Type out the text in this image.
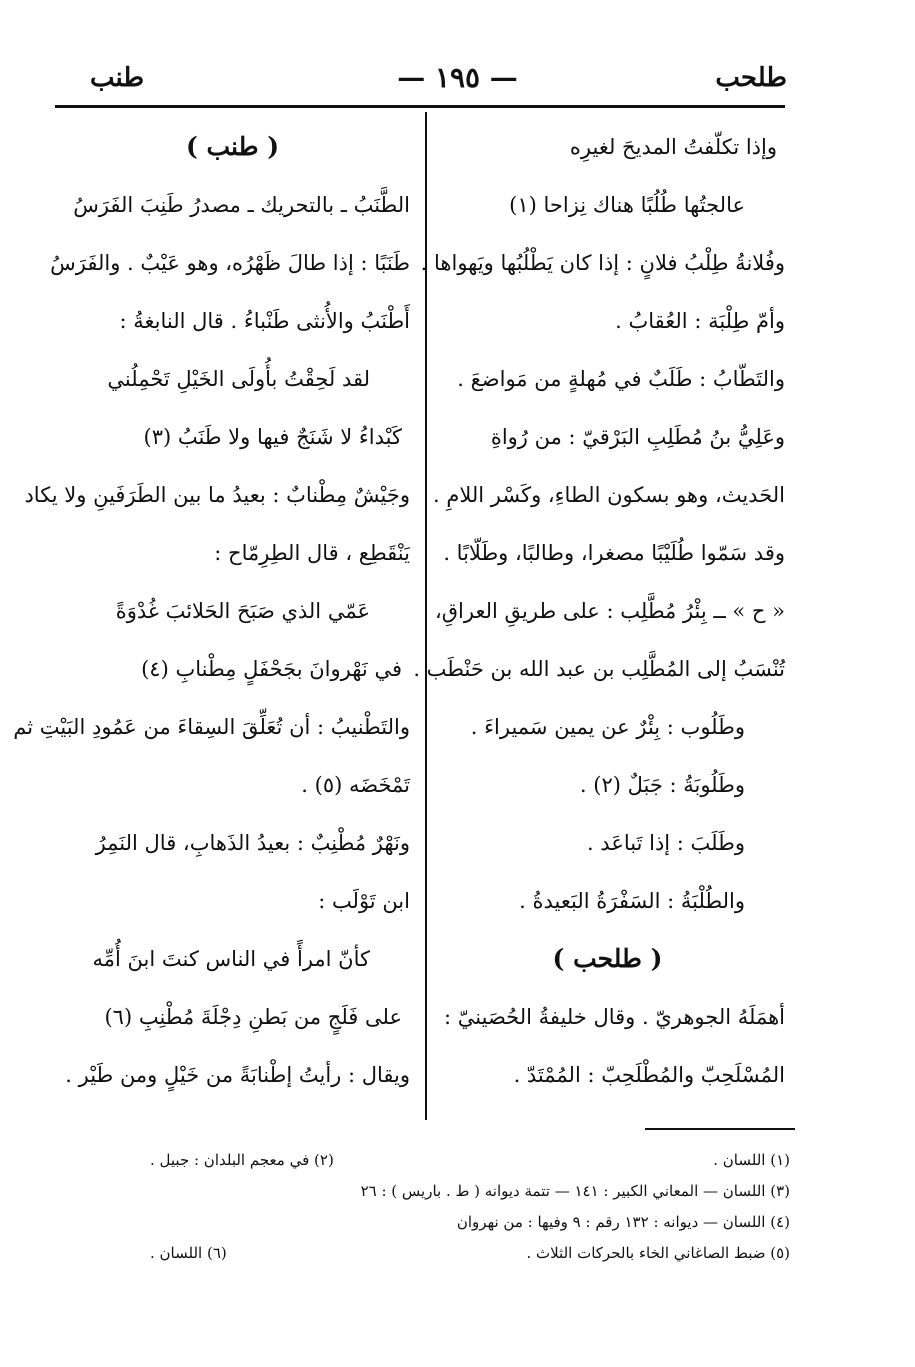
طلحب
— ١٩٥ —
طنب
وإذا تكلّفتُ المديحَ لغيرِه
عالجتُها طُلُبًا هناك نِزاحا (١)
وفُلانةُ طِلْبُ فلانٍ : إذا كان يَطْلُبُها ويَهواها .
وأمّ طِلْبَة : العُقابُ .
والتَطّابُ : طَلَبٌ في مُهلةٍ من مَواضعَ .
وعَلِيُّ بنُ مُطَلِبِ البَرْقيّ : من رُواةِ
الحَديث، وهو بسكون الطاءِ، وكَسْر اللامِ .
وقد سَمّوا طُلَيْبًا مصغرا، وطالبًا، وطَلّابًا .
« ح » ــ بِئْرُ مُطَّلِب : على طريقِ العراقِ،
تُنْسَبُ إلى المُطَّلِب بن عبد الله بن حَنْطَب .
وطَلُوب : بِئْرٌ عن يمين سَميراءَ .
وطَلُوبَةُ : جَبَلٌ (٢) .
وطَلَبَ : إذا تَباعَد .
والطُلْبَةُ : السَفْرَةُ البَعيدةُ .
( طلحب )
أهمَلَهُ الجوهريّ . وقال خليفةُ الحُصَينيّ :
المُسْلَحِبّ والمُطْلَحِبّ : المُمْتَدّ .
( طنب )
الطَّنَبُ ـ بالتحريك ـ مصدرُ طَنِبَ الفَرَسُ
طَنَبًا : إذا طالَ ظَهْرُه، وهو عَيْبٌ . والفَرَسُ
أَطْنَبُ والأُنثى طَنْباءُ . قال النابغةُ :
لقد لَحِقْتُ بأُولَى الخَيْلِ تَحْمِلُني
كَبْداءُ لا شَنَجٌ فيها ولا طَنَبُ (٣)
وجَيْشٌ مِطْنابٌ : بعيدُ ما بين الطَرَفَينِ ولا يكاد
يَنْقَطِع ، قال الطِرِمّاح :
عَمّي الذي صَبَحَ الحَلائبَ غُدْوَةً
في نَهْروانَ بجَحْفَلٍ مِطْنابِ (٤)
والتَطْنيبُ : أن تُعَلِّقَ السِقاءَ من عَمُودِ البَيْتِ ثم
تَمْخَضَه (٥) .
ونَهْرٌ مُطْنِبٌ : بعيدُ الذَهابِ، قال النَمِرُ
ابن تَوْلَب :
كأنّ امرأً في الناس كنتَ ابنَ أُمِّه
على فَلَجٍ من بَطنِ دِجْلَةَ مُطْنِبِ (٦)
ويقال : رأيتُ إطْنابَةً من خَيْلٍ ومن طَيْر .
(١) اللسان .
(٢) في معجم البلدان : جبيل .
(٣) اللسان — المعاني الكبير : ١٤١ — تتمة ديوانه ( ط . باريس ) : ٢٦
(٤) اللسان — ديوانه : ١٣٢ رقم : ٩ وفيها : من نهروان
(٥) ضبط الصاغاني الخاء بالحركات الثلاث .
(٦) اللسان .
